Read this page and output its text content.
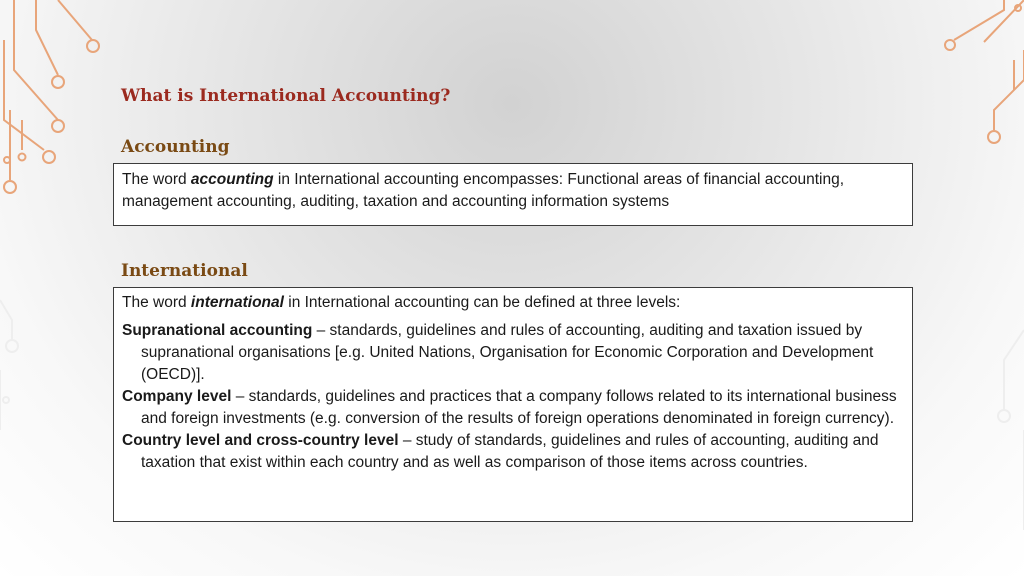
What is International Accounting?
Accounting
The word accounting in International accounting encompasses: Functional areas of financial accounting, management accounting, auditing, taxation and accounting information systems
International
The word international in International accounting can be defined at three levels:
Supranational accounting – standards, guidelines and rules of accounting, auditing and taxation issued by supranational organisations [e.g. United Nations, Organisation for Economic Corporation and Development (OECD)].
Company level – standards, guidelines and practices that a company follows related to its international business and foreign investments (e.g. conversion of the results of foreign operations denominated in foreign currency).
Country level and cross-country level – study of standards, guidelines and rules of accounting, auditing and taxation that exist within each country and as well as comparison of those items across countries.
